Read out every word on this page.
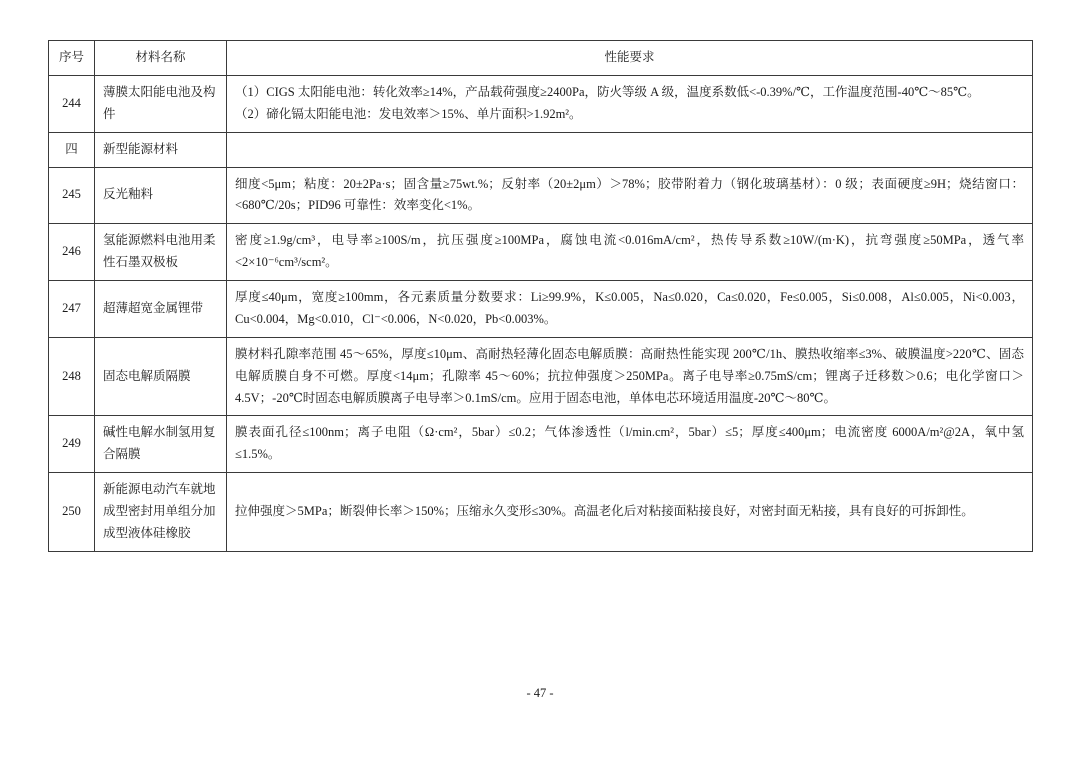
序号	材料名称	性能要求
244	薄膜太阳能电池及构件	（1）CIGS 太阳能电池：转化效率≥14%，产品载荷强度≥2400Pa，防火等级 A 级，温度系数低<-0.39%/℃，工作温度范围-40℃～85℃。

（2）碲化镉太阳能电池：发电效率＞15%、单片面积>1.92m²。

四	新型能源材料	
245	反光釉料	细度<5μm；粘度：20±2Pa·s；固含量≥75wt.%；反射率（20±2μm）＞78%；胶带附着力（钢化玻璃基材）：0 级；表面硬度≥9H；烧结窗口：<680℃/20s；PID96 可靠性：效率变化<1%。

246	氢能源燃料电池用柔性石墨双极板	密度≥1.9g/cm³，电导率≥100S/m，抗压强度≥100MPa，腐蚀电流<0.016mA/cm²，热传导系数≥10W/(m·K)，抗弯强度≥50MPa，透气率<2×10⁻⁶cm³/scm²。

247	超薄超宽金属锂带	厚度≤40μm，宽度≥100mm，各元素质量分数要求：Li≥99.9%，K≤0.005，Na≤0.020，Ca≤0.020，Fe≤0.005，Si≤0.008，Al≤0.005，Ni<0.003，Cu<0.004，Mg<0.010，Cl⁻<0.006，N<0.020，Pb<0.003%。

248	固态电解质隔膜	膜材料孔隙率范围 45～65%，厚度≤10μm、高耐热轻薄化固态电解质膜：高耐热性能实现 200℃/1h、膜热收缩率≤3%、破膜温度>220℃、固态电解质膜自身不可燃。厚度<14μm；孔隙率 45～60%；抗拉伸强度＞250MPa。离子电导率≥0.75mS/cm；锂离子迁移数＞0.6；电化学窗口＞4.5V；-20℃时固态电解质膜离子电导率＞0.1mS/cm。应用于固态电池，单体电芯环境适用温度-20℃～80℃。

249	碱性电解水制氢用复合隔膜	膜表面孔径≤100nm；离子电阻（Ω·cm²，5bar）≤0.2；气体渗透性（l/min.cm²，5bar）≤5；厚度≤400μm；电流密度 6000A/m²@2A，氧中氢≤1.5%。

250	新能源电动汽车就地成型密封用单组分加成型液体硅橡胶	拉伸强度＞5MPa；断裂伸长率＞150%；压缩永久变形≤30%。高温老化后对粘接面粘接良好，对密封面无粘接，具有良好的可拆卸性。

- 47 -
